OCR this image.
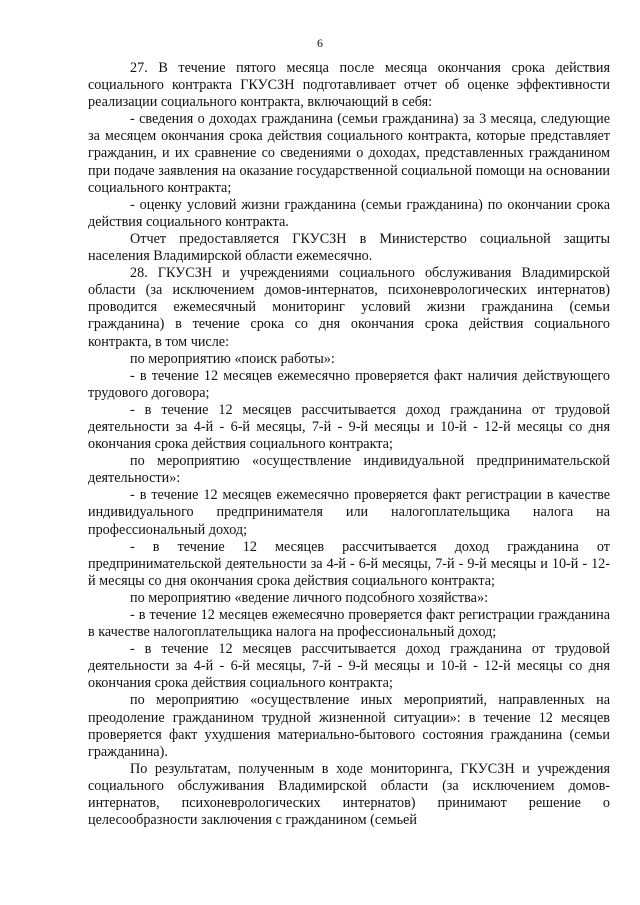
6

27. В течение пятого месяца после месяца окончания срока действия социального контракта ГКУСЗН подготавливает отчет об оценке эффективности реализации социального контракта, включающий в себя:

- сведения о доходах гражданина (семьи гражданина) за 3 месяца, следующие за месяцем окончания срока действия социального контракта, которые представляет гражданин, и их сравнение со сведениями о доходах, представленных гражданином при подаче заявления на оказание государственной социальной помощи на основании социального контракта;

- оценку условий жизни гражданина (семьи гражданина) по окончании срока действия социального контракта.

Отчет предоставляется ГКУСЗН в Министерство социальной защиты населения Владимирской области ежемесячно.

28. ГКУСЗН и учреждениями социального обслуживания Владимирской области (за исключением домов-интернатов, психоневрологических интернатов) проводится ежемесячный мониторинг условий жизни гражданина (семьи гражданина) в течение срока со дня окончания срока действия социального контракта, в том числе:

по мероприятию «поиск работы»:

- в течение 12 месяцев ежемесячно проверяется факт наличия действующего трудового договора;

- в течение 12 месяцев рассчитывается доход гражданина от трудовой деятельности за 4-й - 6-й месяцы, 7-й - 9-й месяцы и 10-й - 12-й месяцы со дня окончания срока действия социального контракта;

по мероприятию «осуществление индивидуальной предпринимательской деятельности»:

- в течение 12 месяцев ежемесячно проверяется факт регистрации в качестве индивидуального предпринимателя или налогоплательщика налога на профессиональный доход;

- в течение 12 месяцев рассчитывается доход гражданина от предпринимательской деятельности за 4-й - 6-й месяцы, 7-й - 9-й месяцы и 10-й - 12-й месяцы со дня окончания срока действия социального контракта;

по мероприятию «ведение личного подсобного хозяйства»:

- в течение 12 месяцев ежемесячно проверяется факт регистрации гражданина в качестве налогоплательщика налога на профессиональный доход;

- в течение 12 месяцев рассчитывается доход гражданина от трудовой деятельности за 4-й - 6-й месяцы, 7-й - 9-й месяцы и 10-й - 12-й месяцы со дня окончания срока действия социального контракта;

по мероприятию «осуществление иных мероприятий, направленных на преодоление гражданином трудной жизненной ситуации»: в течение 12 месяцев проверяется факт ухудшения материально-бытового состояния гражданина (семьи гражданина).

По результатам, полученным в ходе мониторинга, ГКУСЗН и учреждения социального обслуживания Владимирской области (за исключением домов-интернатов, психоневрологических интернатов) принимают решение о целесообразности заключения с гражданином (семьей
